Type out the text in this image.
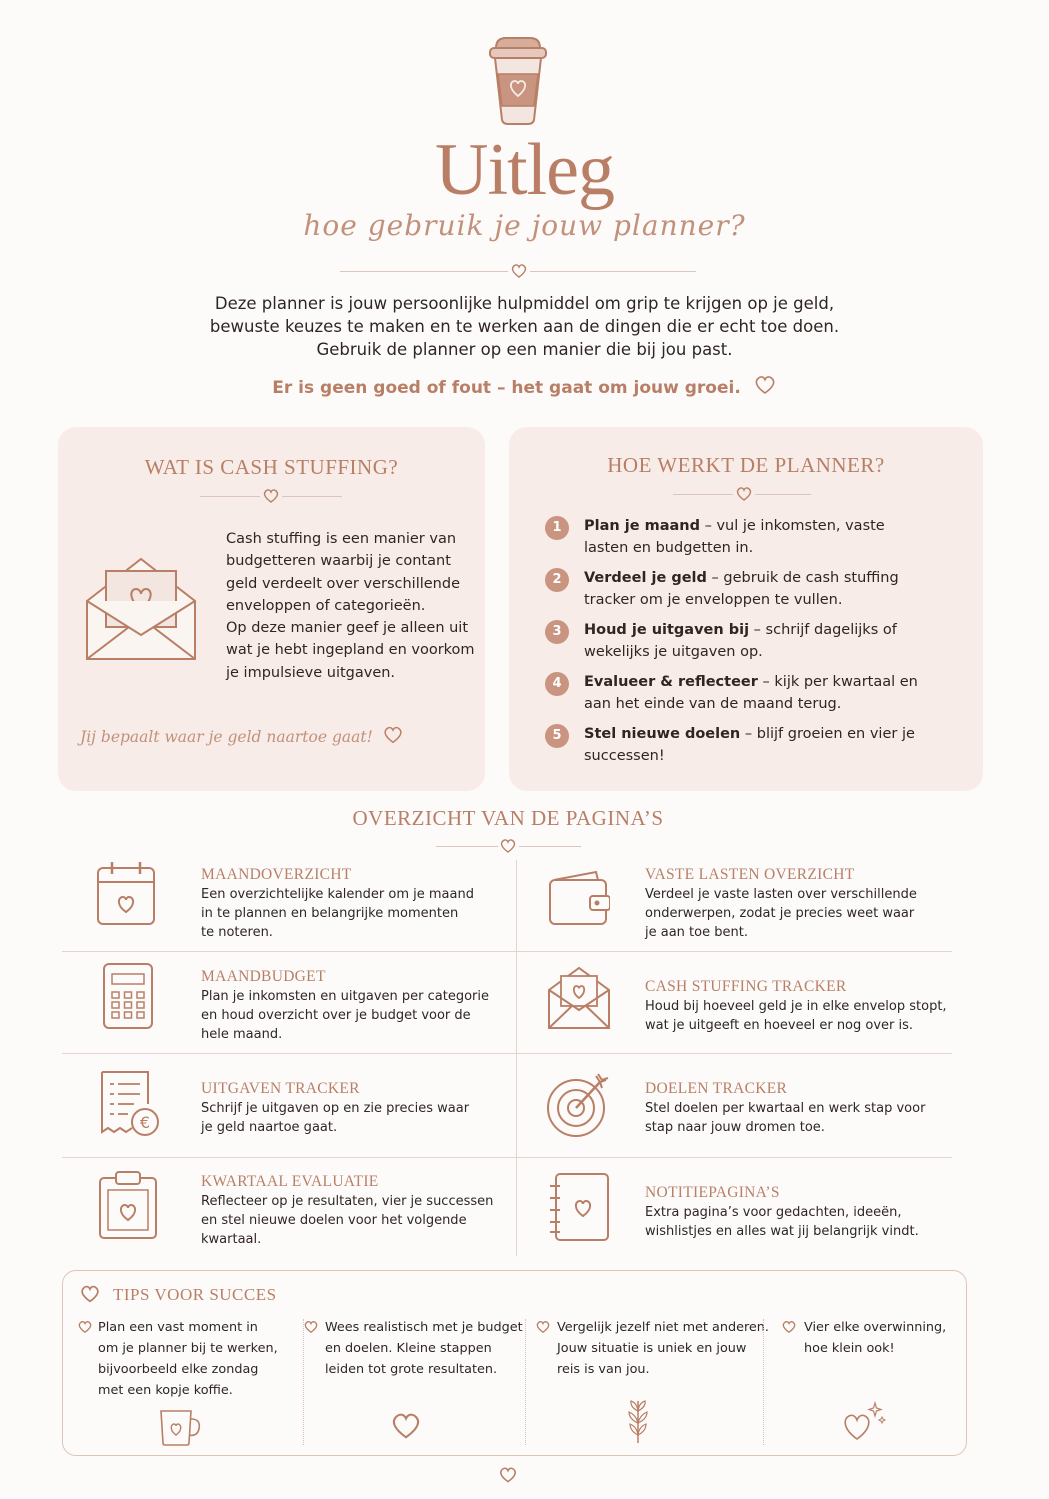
Uitleg
hoe gebruik je jouw planner?

Deze planner is jouw persoonlijke hulpmiddel om grip te krijgen op je geld,

bewuste keuzes te maken en te werken aan de dingen die er echt toe doen.

Gebruik de planner op een manier die bij jou past.

Er is geen goed of fout – het gaat om jouw groei.
WAT IS CASH STUFFING?
Cash stuffing is een manier van
budgetteren waarbij je contant
geld verdeelt over verschillende
enveloppen of categorieën.
Op deze manier geef je alleen uit
wat je hebt ingepland en voorkom
je impulsieve uitgaven.
Jij bepaalt waar je geld naartoe gaat!
HOE WERKT DE PLANNER?
1	Plan je maand – vul je inkomsten, vaste lasten en budgetten in.
2	Verdeel je geld – gebruik de cash stuffing tracker om je enveloppen te vullen.
3	Houd je uitgaven bij – schrijf dagelijks of wekelijks je uitgaven op.
4	Evalueer & reflecteer – kijk per kwartaal en aan het einde van de maand terug.
5	Stel nieuwe doelen – blijf groeien en vier je successen!
OVERZICHT VAN DE PAGINA’S
MAANDOVERZICHT
Een overzichtelijke kalender om je maand
in te plannen en belangrijke momenten
te noteren.
VASTE LASTEN OVERZICHT
Verdeel je vaste lasten over verschillende
onderwerpen, zodat je precies weet waar
je aan toe bent.
MAANDBUDGET
Plan je inkomsten en uitgaven per categorie
en houd overzicht over je budget voor de
hele maand.
CASH STUFFING TRACKER
Houd bij hoeveel geld je in elke envelop stopt,
wat je uitgeeft en hoeveel er nog over is.
€
UITGAVEN TRACKER
Schrijf je uitgaven op en zie precies waar
je geld naartoe gaat.
DOELEN TRACKER
Stel doelen per kwartaal en werk stap voor
stap naar jouw dromen toe.
KWARTAAL EVALUATIE
Reflecteer op je resultaten, vier je successen
en stel nieuwe doelen voor het volgende
kwartaal.
NOTITIEPAGINA’S
Extra pagina’s voor gedachten, ideeën,
wishlistjes en alles wat jij belangrijk vindt.
TIPS VOOR SUCCES
Plan een vast moment in
om je planner bij te werken,
bijvoorbeeld elke zondag
met een kopje koffie.
Wees realistisch met je budget
en doelen. Kleine stappen
leiden tot grote resultaten.
Vergelijk jezelf niet met anderen.
Jouw situatie is uniek en jouw
reis is van jou.
Vier elke overwinning,
hoe klein ook!
